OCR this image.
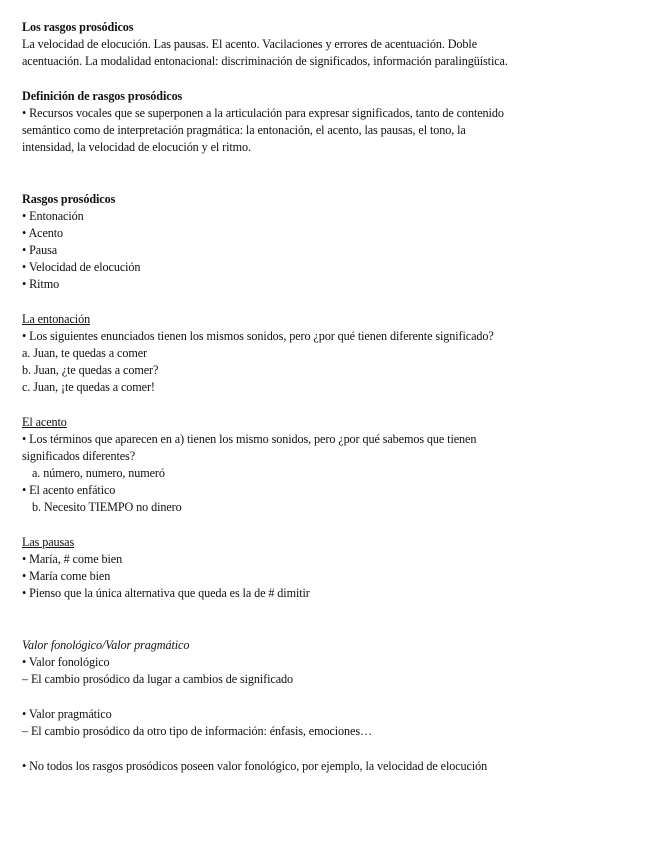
Los rasgos prosódicos
La velocidad de elocución. Las pausas. El acento. Vacilaciones y errores de acentuación. Doble
acentuación. La modalidad entonacional: discriminación de significados, información paralingüística.
Definición de rasgos prosódicos
• Recursos vocales que se superponen a la articulación para expresar significados, tanto de contenido
semántico como de interpretación pragmática: la entonación, el acento, las pausas, el tono, la
intensidad, la velocidad de elocución y el ritmo.
Rasgos prosódicos
• Entonación
• Acento
• Pausa
• Velocidad de elocución
• Ritmo
La entonación
• Los siguientes enunciados tienen los mismos sonidos, pero ¿por qué tienen diferente significado?
a. Juan, te quedas a comer
b. Juan, ¿te quedas a comer?
c. Juan, ¡te quedas a comer!
El acento
• Los términos que aparecen en a) tienen los mismo sonidos, pero ¿por qué sabemos que tienen
significados diferentes?
a. número, numero, numeró
• El acento enfático
b. Necesito TIEMPO no dinero
Las pausas
• María, # come bien
• María come bien
• Pienso que la única alternativa que queda es la de # dimitir
Valor fonológico/Valor pragmático
• Valor fonológico
– El cambio prosódico da lugar a cambios de significado
• Valor pragmático
– El cambio prosódico da otro tipo de información: énfasis, emociones…
• No todos los rasgos prosódicos poseen valor fonológico, por ejemplo, la velocidad de elocución
